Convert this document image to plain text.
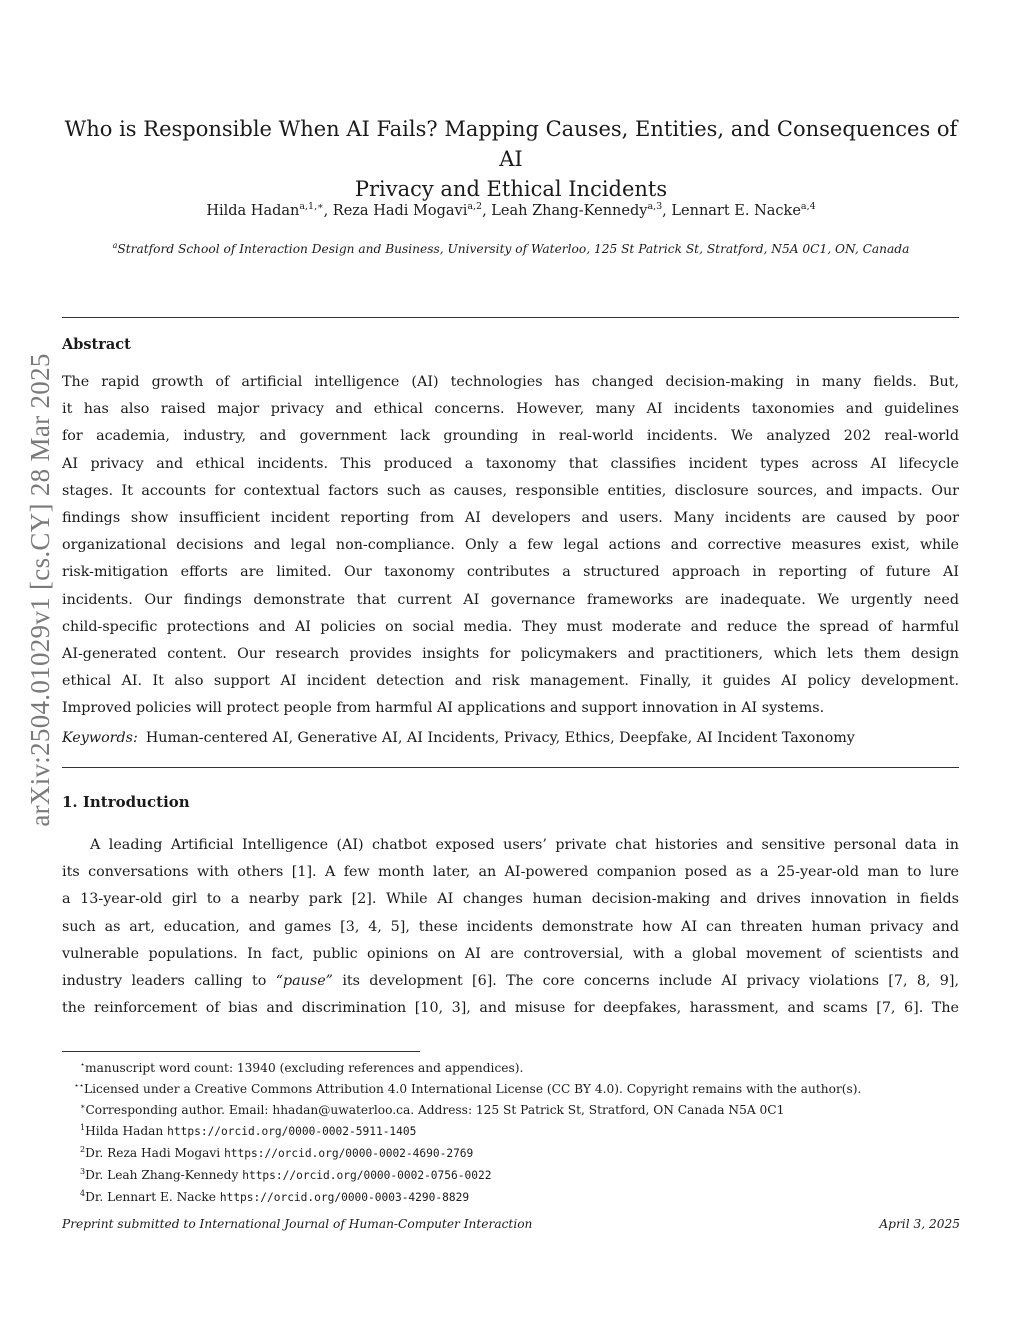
arXiv:2504.01029v1 [cs.CY] 28 Mar 2025
Who is Responsible When AI Fails? Mapping Causes, Entities, and Consequences of AI
Privacy and Ethical Incidents
Hilda Hadan$^{a,1,∗}$, Reza Hadi Mogavi$^{a,2}$, Leah Zhang-Kennedy$^{a,3}$, Lennart E. Nacke$^{a,4}$
$^a$Stratford School of Interaction Design and Business, University of Waterloo, 125 St Patrick St, Stratford, N5A 0C1, ON, Canada
Abstract
The rapid growth of artificial intelligence (AI) technologies has changed decision-making in many fields. But,
it has also raised major privacy and ethical concerns. However, many AI incidents taxonomies and guidelines
for academia, industry, and government lack grounding in real-world incidents. We analyzed 202 real-world
AI privacy and ethical incidents. This produced a taxonomy that classifies incident types across AI lifecycle
stages. It accounts for contextual factors such as causes, responsible entities, disclosure sources, and impacts. Our
findings show insufficient incident reporting from AI developers and users. Many incidents are caused by poor
organizational decisions and legal non-compliance. Only a few legal actions and corrective measures exist, while
risk-mitigation efforts are limited. Our taxonomy contributes a structured approach in reporting of future AI
incidents. Our findings demonstrate that current AI governance frameworks are inadequate. We urgently need
child-specific protections and AI policies on social media. They must moderate and reduce the spread of harmful
AI-generated content. Our research provides insights for policymakers and practitioners, which lets them design
ethical AI. It also support AI incident detection and risk management. Finally, it guides AI policy development.
Improved policies will protect people from harmful AI applications and support innovation in AI systems.
Keywords: Human-centered AI, Generative AI, AI Incidents, Privacy, Ethics, Deepfake, AI Incident Taxonomy
1. Introduction
A leading Artificial Intelligence (AI) chatbot exposed users’ private chat histories and sensitive personal data in
its conversations with others [1]. A few month later, an AI-powered companion posed as a 25-year-old man to lure
a 13-year-old girl to a nearby park [2]. While AI changes human decision-making and drives innovation in fields
such as art, education, and games [3, 4, 5], these incidents demonstrate how AI can threaten human privacy and
vulnerable populations. In fact, public opinions on AI are controversial, with a global movement of scientists and
industry leaders calling to “pause” its development [6]. The core concerns include AI privacy violations [7, 8, 9],
the reinforcement of bias and discrimination [10, 3], and misuse for deepfakes, harassment, and scams [7, 6]. The
⋆manuscript word count: 13940 (excluding references and appendices).
⋆⋆Licensed under a Creative Commons Attribution 4.0 International License (CC BY 4.0). Copyright remains with the author(s).
∗Corresponding author. Email: hhadan@uwaterloo.ca. Address: 125 St Patrick St, Stratford, ON Canada N5A 0C1
$^1$Hilda Hadan https://orcid.org/0000-0002-5911-1405
$^2$Dr. Reza Hadi Mogavi https://orcid.org/0000-0002-4690-2769
$^3$Dr. Leah Zhang-Kennedy https://orcid.org/0000-0002-0756-0022
$^4$Dr. Lennart E. Nacke https://orcid.org/0000-0003-4290-8829
Preprint submitted to International Journal of Human-Computer Interaction	April 3, 2025
